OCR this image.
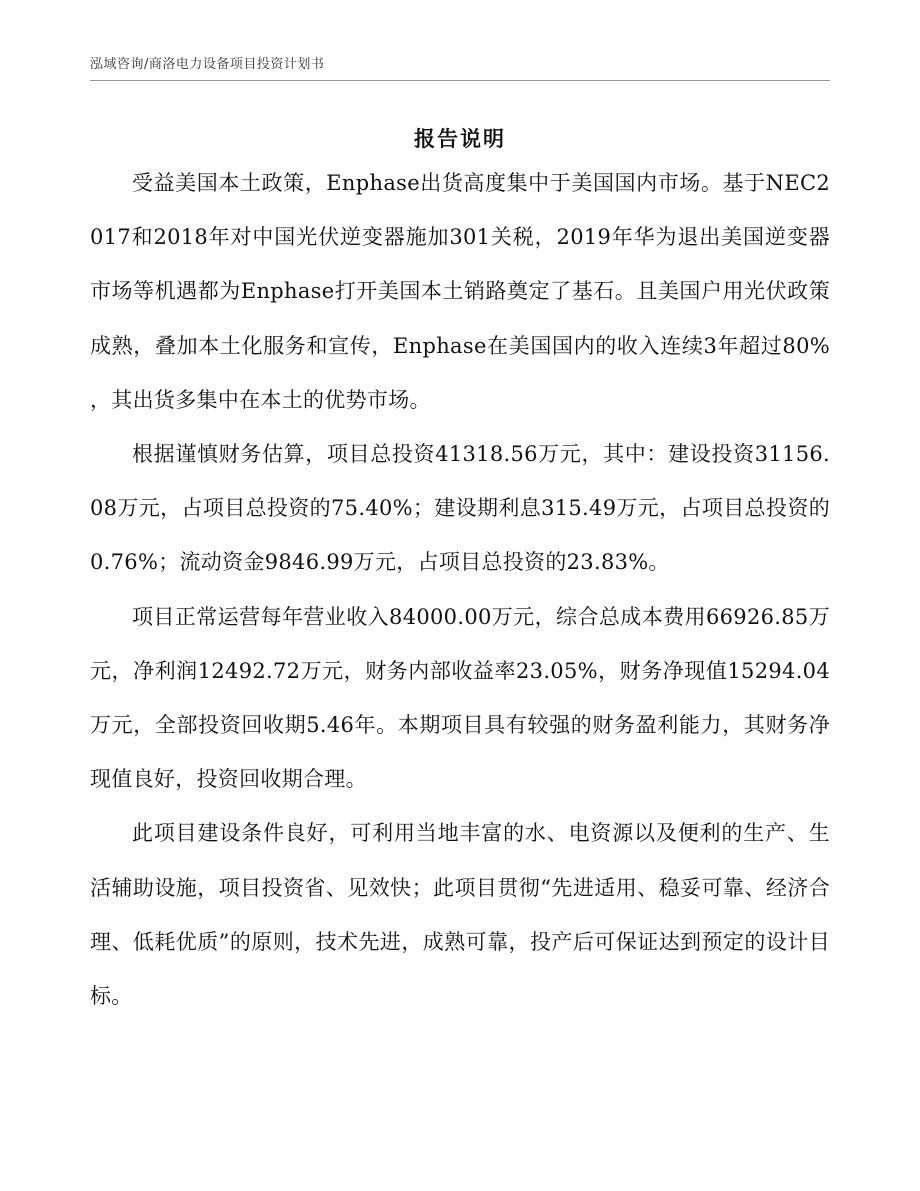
泓域咨询/商洛电力设备项目投资计划书

报告说明

受益美国本土政策，Enphase出货高度集中于美国国内市场。基于NEC2017和2018年对中国光伏逆变器施加301关税，2019年华为退出美国逆变器市场等机遇都为Enphase打开美国本土销路奠定了基石。且美国户用光伏政策成熟，叠加本土化服务和宣传，Enphase在美国国内的收入连续3年超过80%，其出货多集中在本土的优势市场。

根据谨慎财务估算，项目总投资41318.56万元，其中：建设投资31156.08万元，占项目总投资的75.40%；建设期利息315.49万元，占项目总投资的0.76%；流动资金9846.99万元，占项目总投资的23.83%。

项目正常运营每年营业收入84000.00万元，综合总成本费用66926.85万元，净利润12492.72万元，财务内部收益率23.05%，财务净现值15294.04万元，全部投资回收期5.46年。本期项目具有较强的财务盈利能力，其财务净现值良好，投资回收期合理。

此项目建设条件良好，可利用当地丰富的水、电资源以及便利的生产、生活辅助设施，项目投资省、见效快；此项目贯彻“先进适用、稳妥可靠、经济合理、低耗优质”的原则，技术先进，成熟可靠，投产后可保证达到预定的设计目标。
